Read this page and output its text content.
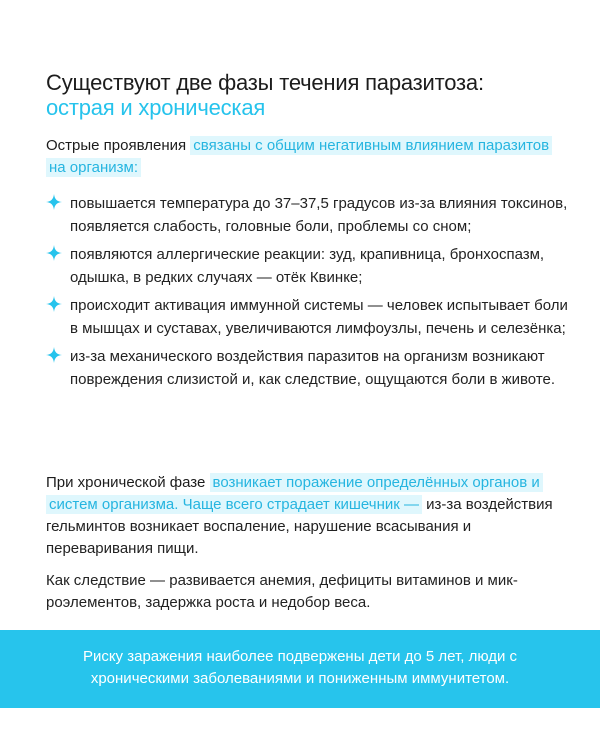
Существуют две фазы течения паразитоза:
острая и хроническая

Острые проявления связаны с общим негативным влиянием паразитов на организм:

повышается температура до 37–37,5 градусов из-за влияния токсинов, появляется слабость, головные боли, проблемы со сном;
появляются аллергические реакции: зуд, крапивница, бронхоспазм, одышка, в редких случаях — отёк Квинке;
происходит активация иммунной системы — человек испытывает боли в мышцах и суставах, увеличиваются лимфоузлы, печень и селезёнка;
из-за механического воздействия паразитов на организм возникают повреждения слизистой и, как следствие, ощущаются боли в животе.

При хронической фазе возникает поражение определённых органов и систем организма. Чаще всего страдает кишечник — из-за воздействия гельминтов возникает воспаление, нарушение всасывания и переваривания пищи.

Как следствие — развивается анемия, дефициты витаминов и микроэлементов, задержка роста и недобор веса.

Риску заражения наиболее подвержены дети до 5 лет, люди с хроническими заболеваниями и пониженным иммунитетом.
